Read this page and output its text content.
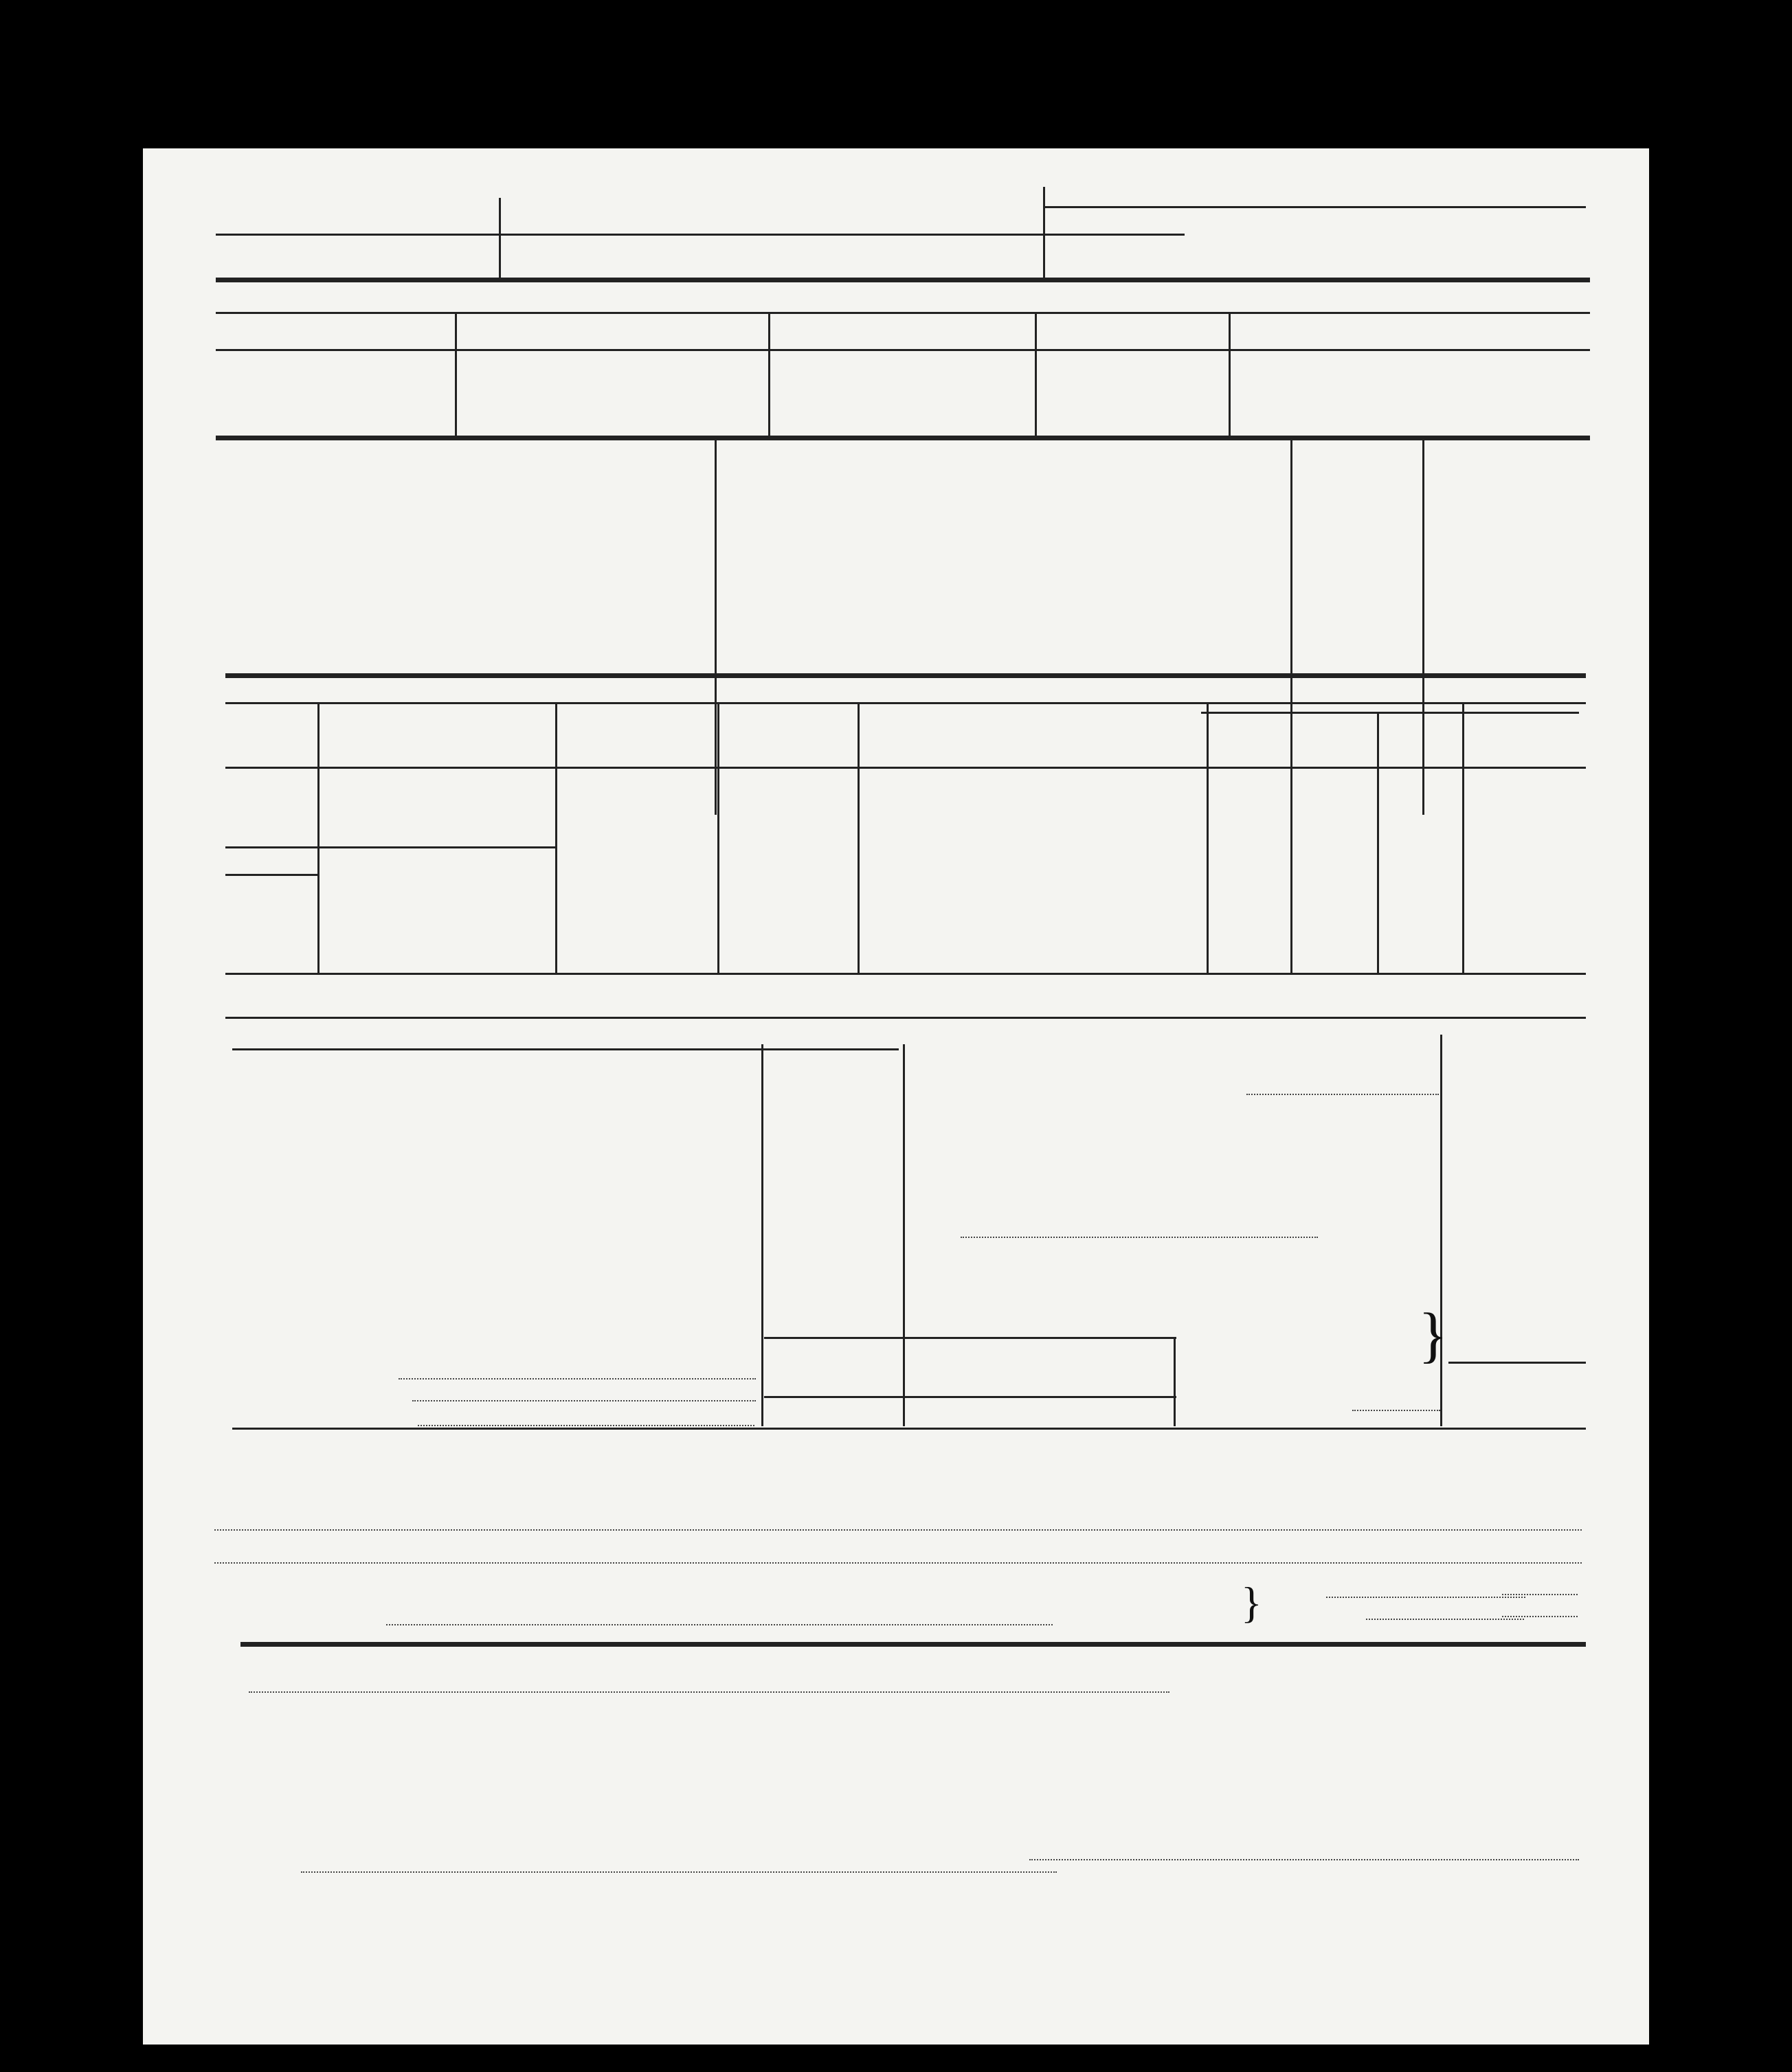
}
}
